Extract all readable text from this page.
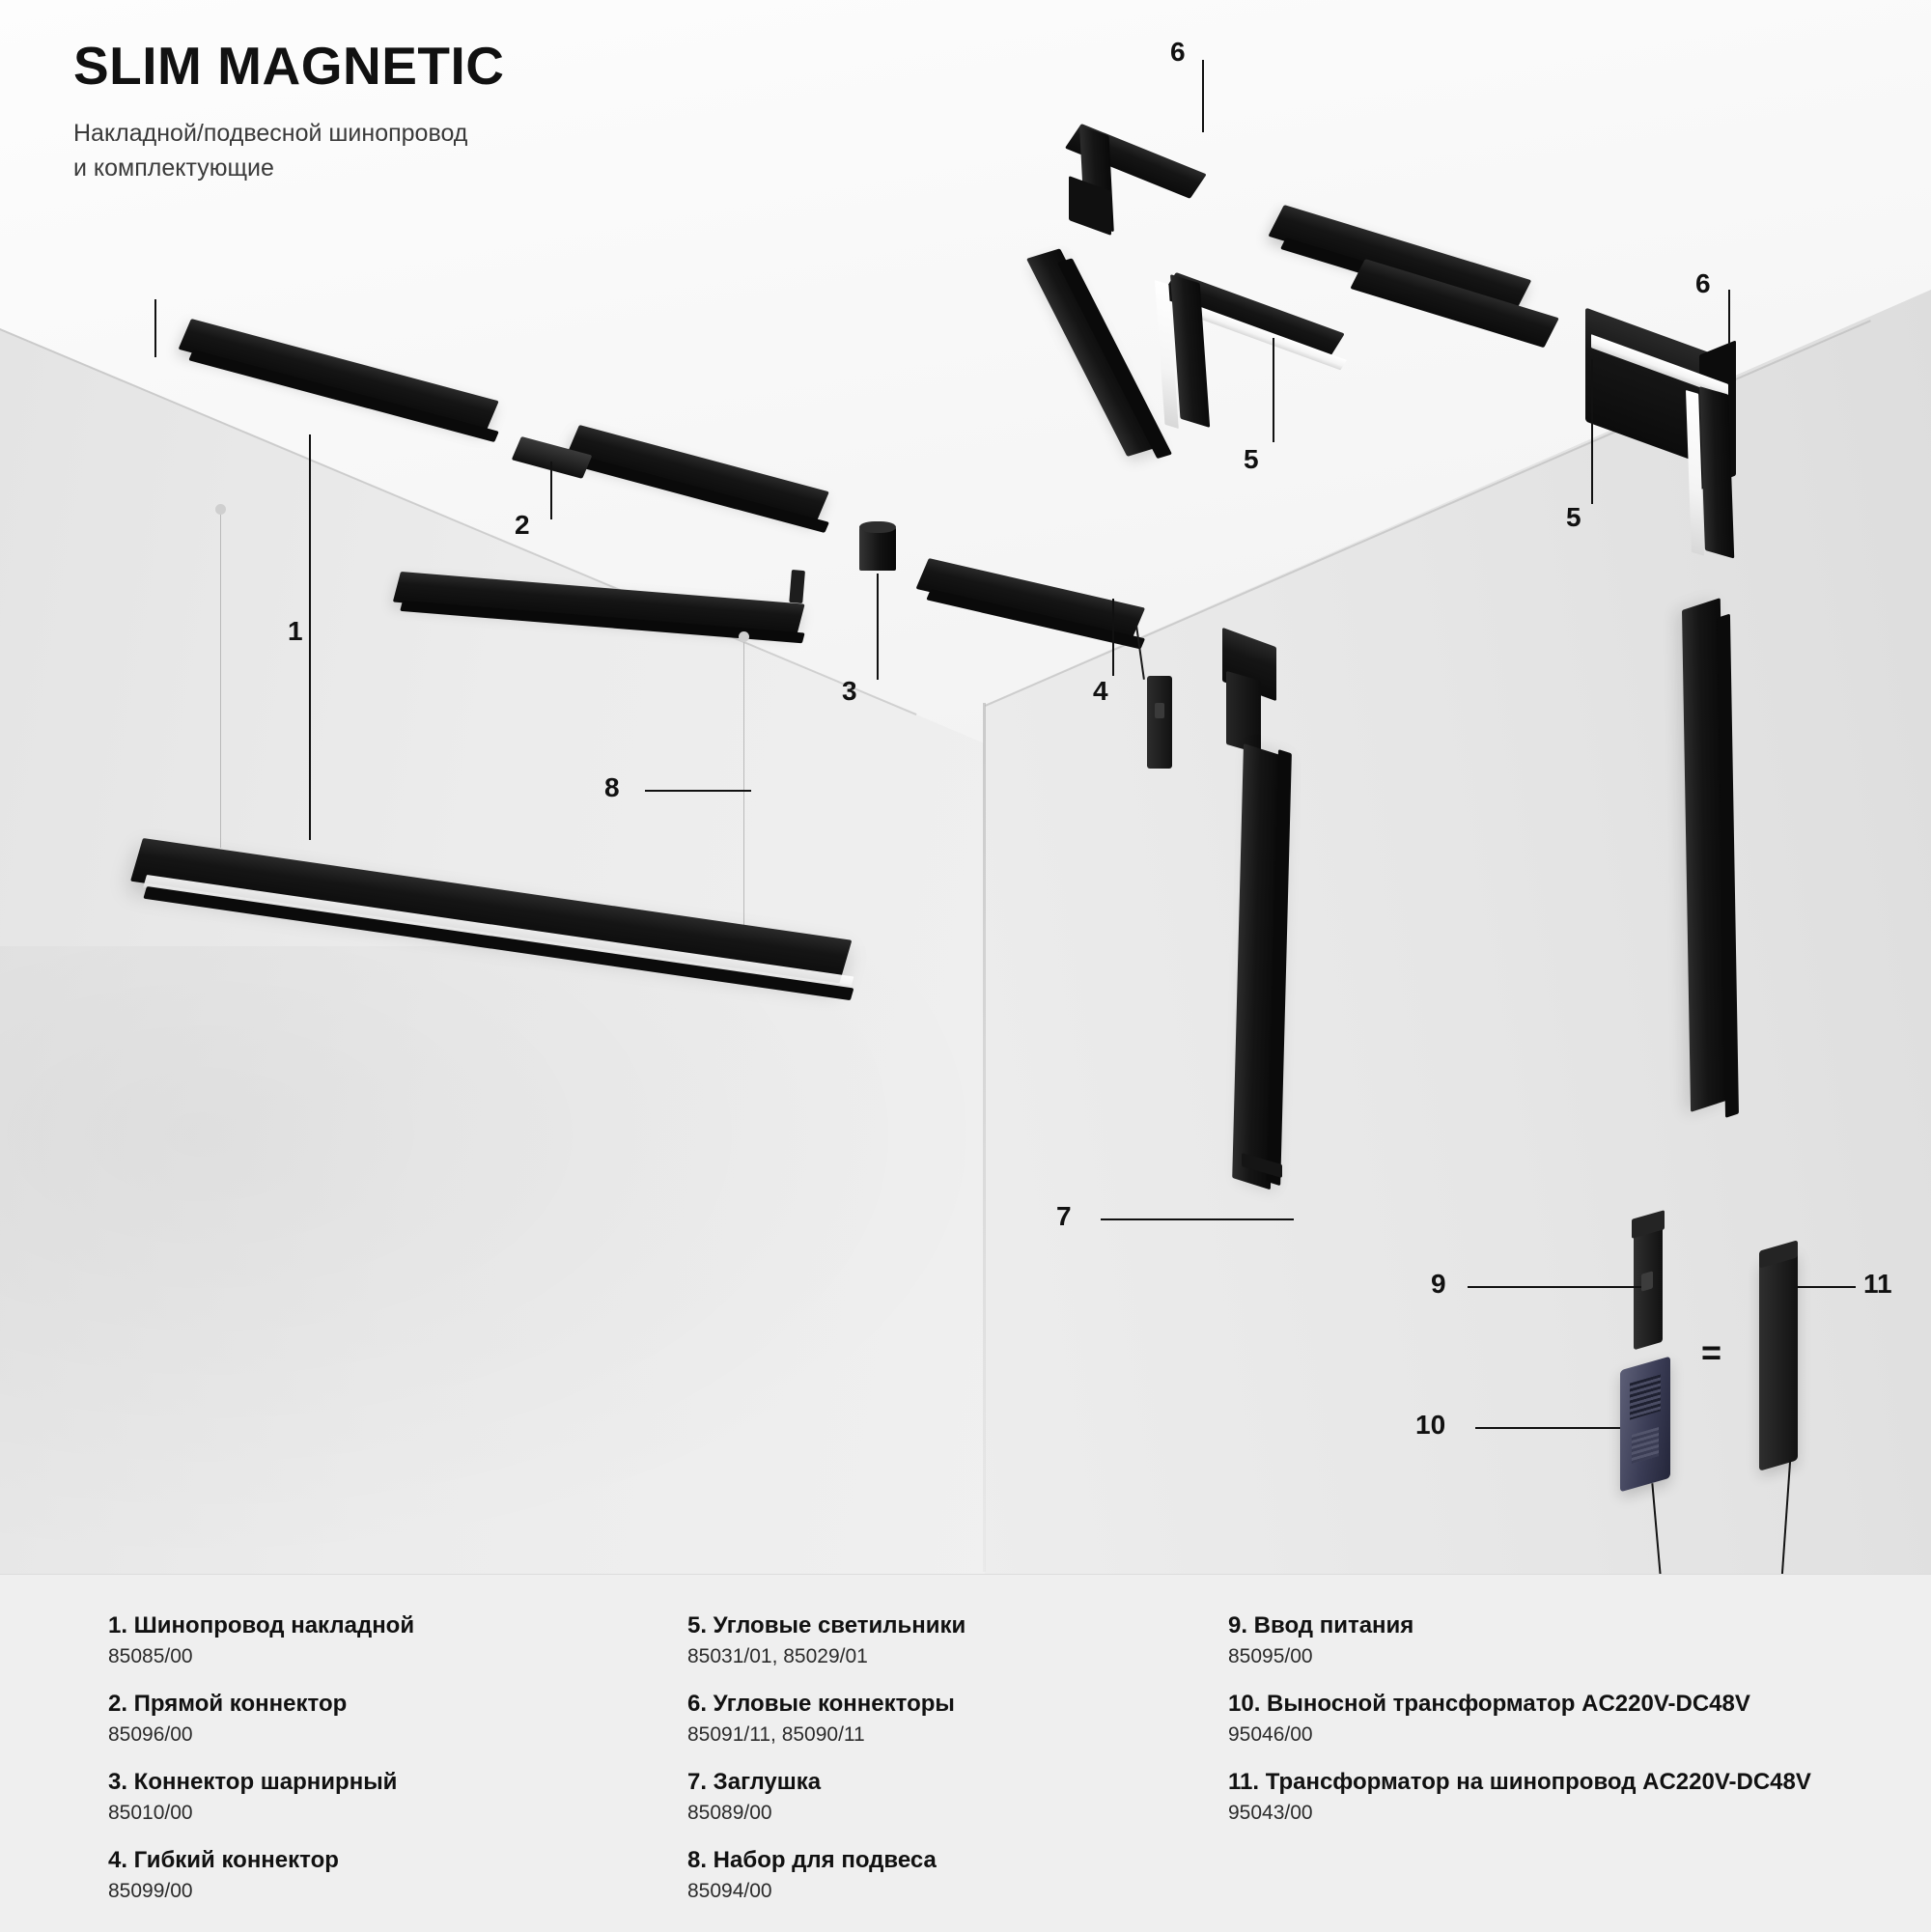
1
2
3	4
5
5
6
6
7
8
9
10
11
=
SLIM MAGNETIC
Накладной/подвесной шинопровод
и комплектующие
1. Шинопровод накладной
85085/00
2. Прямой коннектор
85096/00
3. Коннектор шарнирный
85010/00
4. Гибкий коннектор
85099/00
5. Угловые светильники
85031/01, 85029/01
6. Угловые коннекторы
85091/11, 85090/11
7. Заглушка
85089/00
8. Набор для подвеса
85094/00
9. Ввод питания
85095/00
10. Выносной трансформатор AC220V-DC48V
95046/00
11. Трансформатор на шинопровод AC220V-DC48V
95043/00
